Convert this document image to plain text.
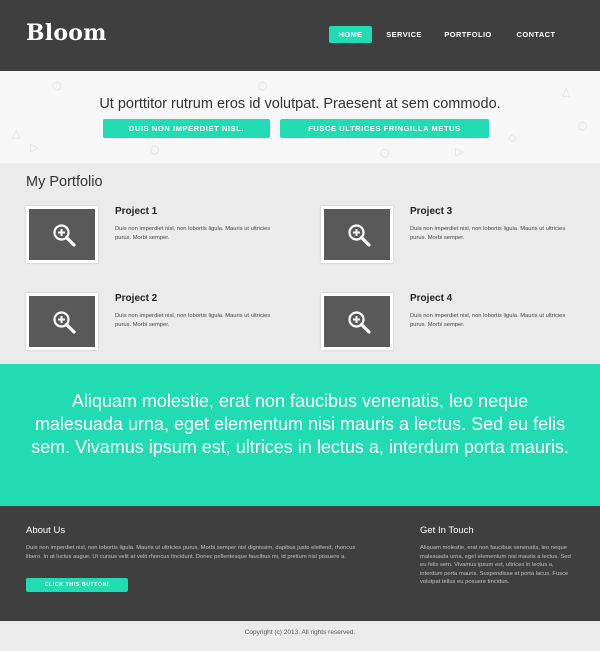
Bloom	HOME	SERVICE	PORTFOLIO	CONTACT
○
△
▷	○
○
○	▷
◇
△
○
Ut porttitor rutrum eros id volutpat. Praesent at sem commodo.
DUIS NON IMPERDIET NISL.	FUSCE ULTRICES FRINGILLA METUS
My Portfolio
Project 1
Duis non imperdiet nisl, non lobortis ligula. Mauris ut ultricies purus. Morbi semper.
Project 3
Duis non imperdiet nisl, non lobortis ligula. Mauris ut ultricies purus. Morbi semper.
Project 2
Duis non imperdiet nisl, non lobortis ligula. Mauris ut ultricies purus. Morbi semper.
Project 4
Duis non imperdiet nisl, non lobortis ligula. Mauris ut ultricies purus. Morbi semper.
Aliquam molestie, erat non faucibus venenatis, leo neque malesuada urna, eget elementum nisi mauris a lectus. Sed eu felis sem. Vivamus ipsum est, ultrices in lectus a, interdum porta mauris.
About Us
Duis non imperdiet nisl, non lobortis ligula. Mauris ut ultricies purus. Morbi semper nisl dignissim, dapibus justo eleifend, rhoncus libero. In at luctus augue. Ut cursus velit at velit rhoncus tincidunt. Donec pellentesque faucibus mi, id pretium nisl posuere a.
CLICK THIS BUTTON!
Get In Touch
Aliquam molestie, erat non faucibus venenatis, leo neque malesuada urna, eget elementum nisi mauris a lectus. Sed eu felis sem. Vivamus ipsum est, ultrices in lectus a, interdum porta mauris. Suspendisse et porta lacus. Fusce volutpat tellus eu posuere tincidun.
Copyright (c) 2013. All rights reserved.
